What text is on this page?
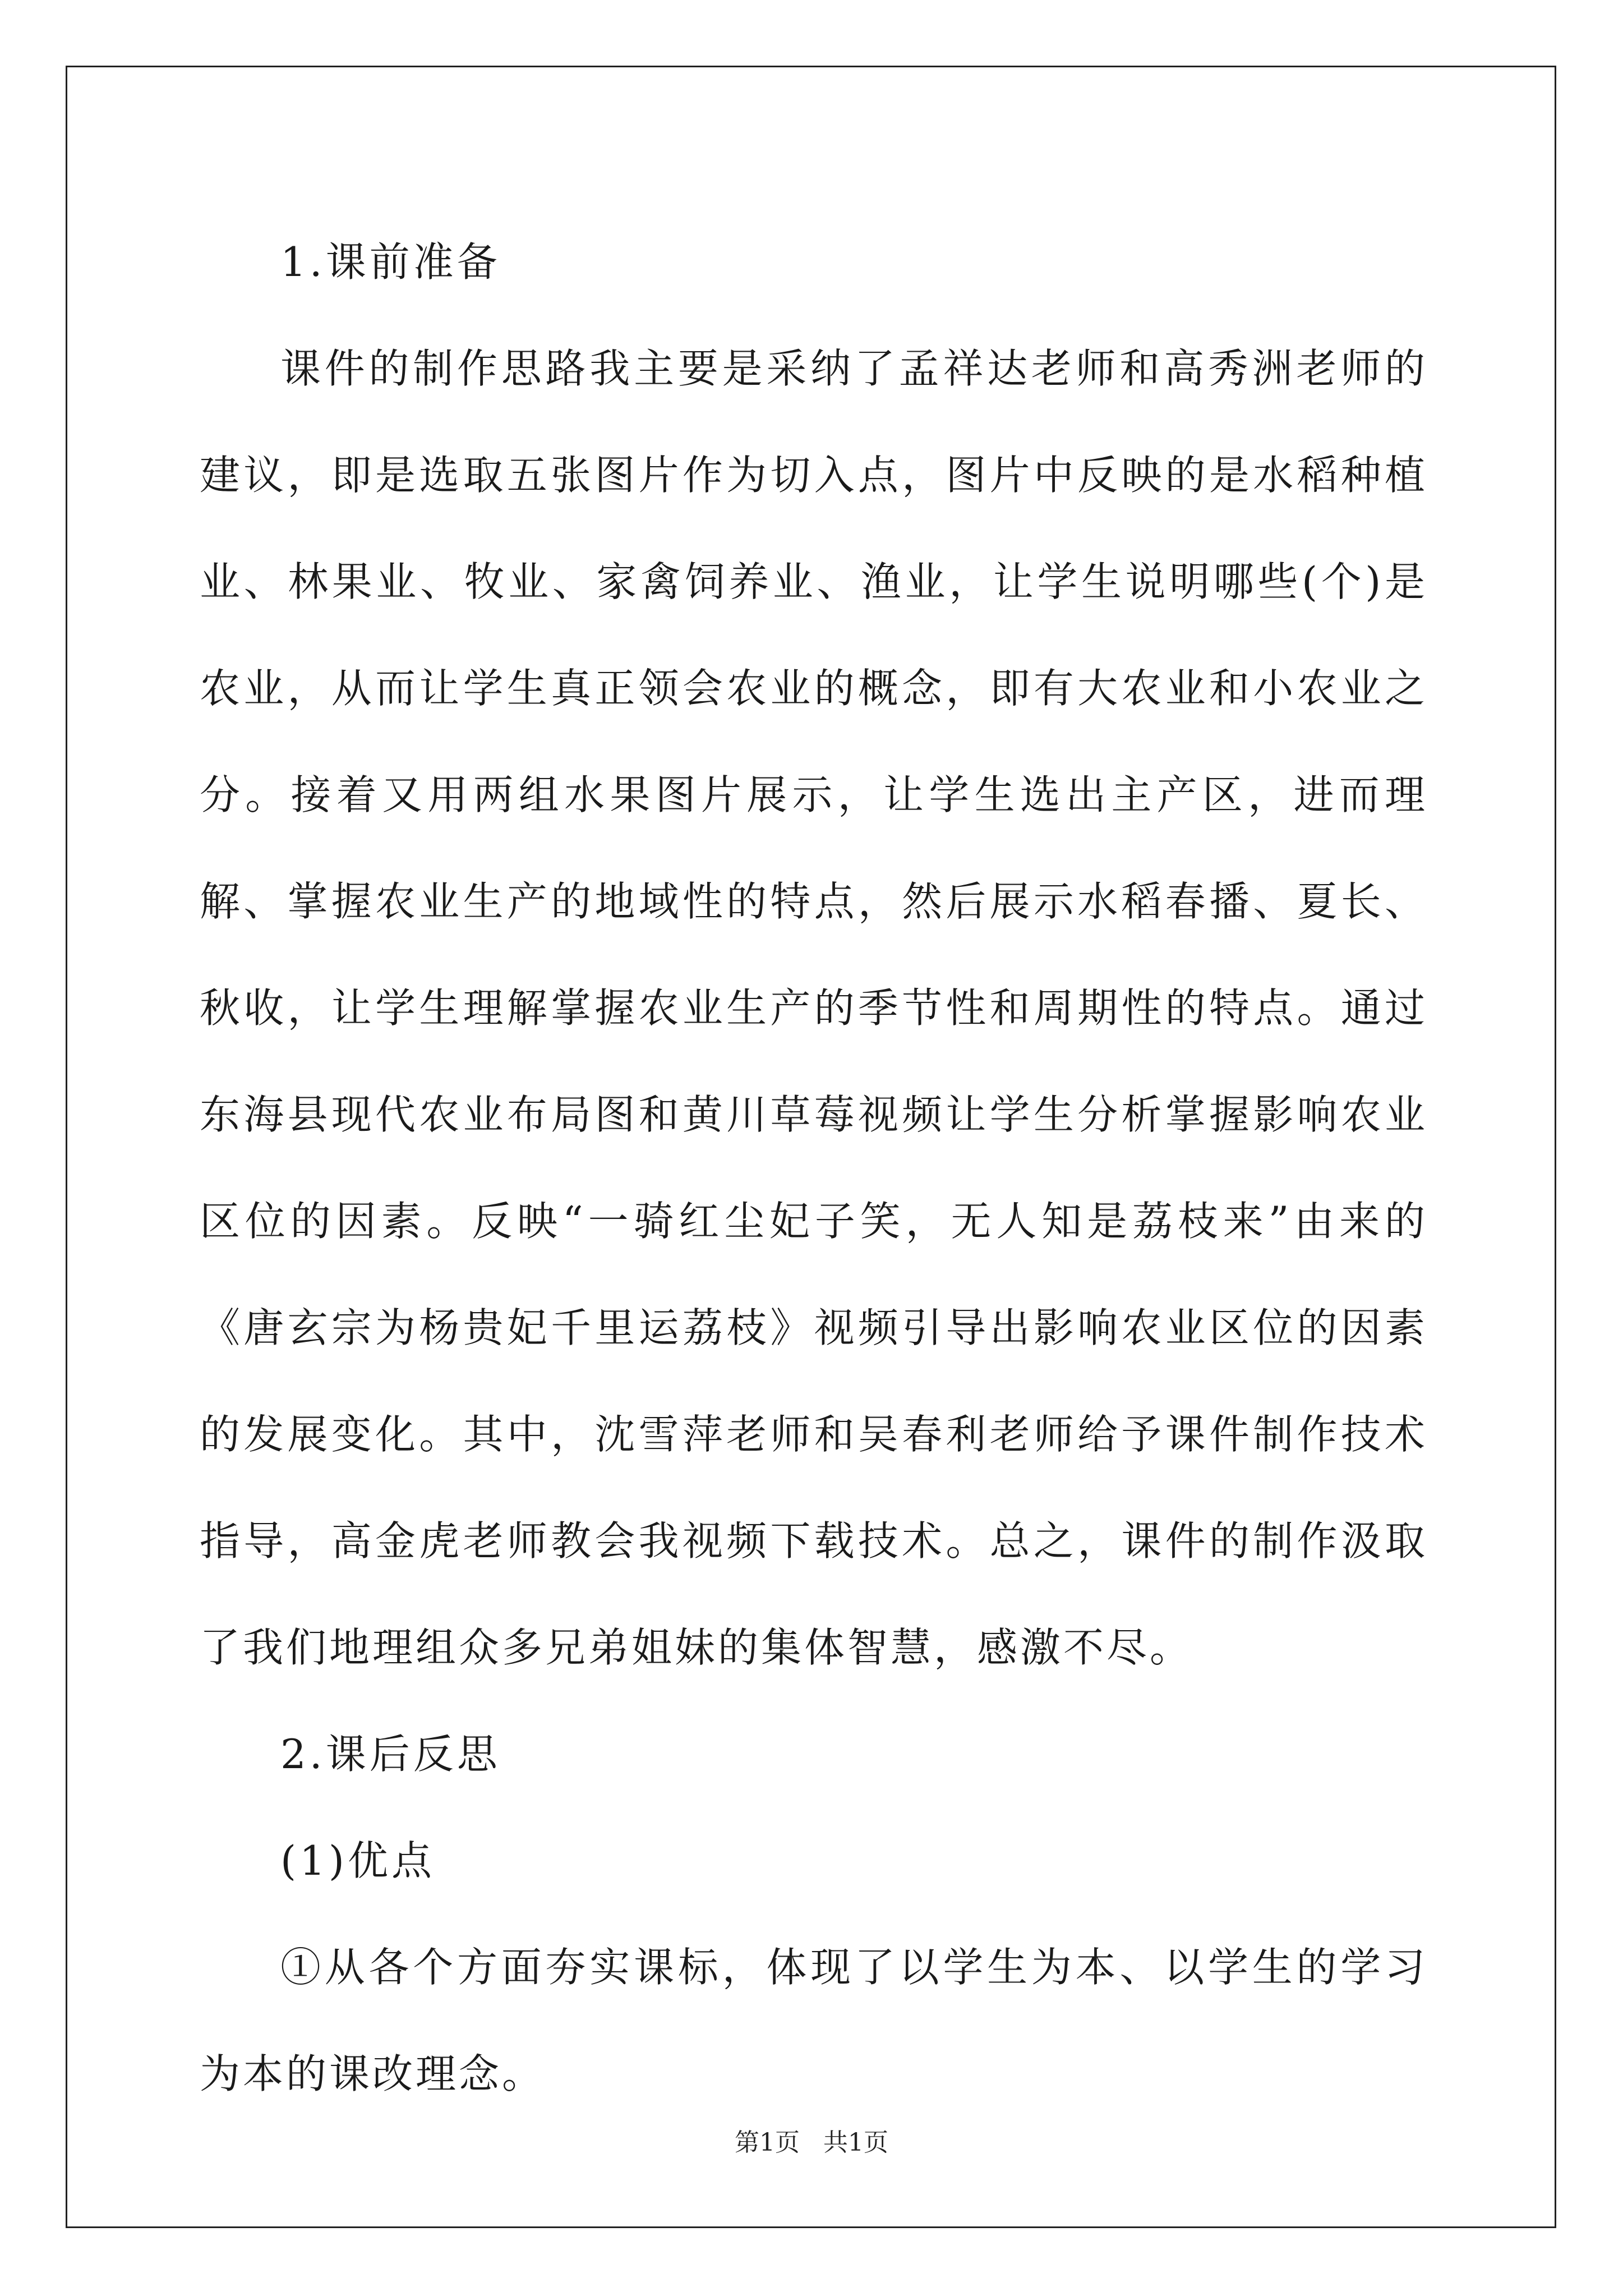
1.课前准备

课件的制作思路我主要是采纳了孟祥达老师和高秀洲老师的建议，即是选取五张图片作为切入点，图片中反映的是水稻种植业、林果业、牧业、家禽饲养业、渔业，让学生说明哪些(个)是农业，从而让学生真正领会农业的概念，即有大农业和小农业之分。接着又用两组水果图片展示，让学生选出主产区，进而理解、掌握农业生产的地域性的特点，然后展示水稻春播、夏长、秋收，让学生理解掌握农业生产的季节性和周期性的特点。通过东海县现代农业布局图和黄川草莓视频让学生分析掌握影响农业区位的因素。反映“一骑红尘妃子笑，无人知是荔枝来”由来的《唐玄宗为杨贵妃千里运荔枝》视频引导出影响农业区位的因素的发展变化。其中，沈雪萍老师和吴春利老师给予课件制作技术指导，高金虎老师教会我视频下载技术。总之，课件的制作汲取了我们地理组众多兄弟姐妹的集体智慧，感激不尽。

2.课后反思

(1)优点

①从各个方面夯实课标，体现了以学生为本、以学生的学习为本的课改理念。

第1页 共1页
